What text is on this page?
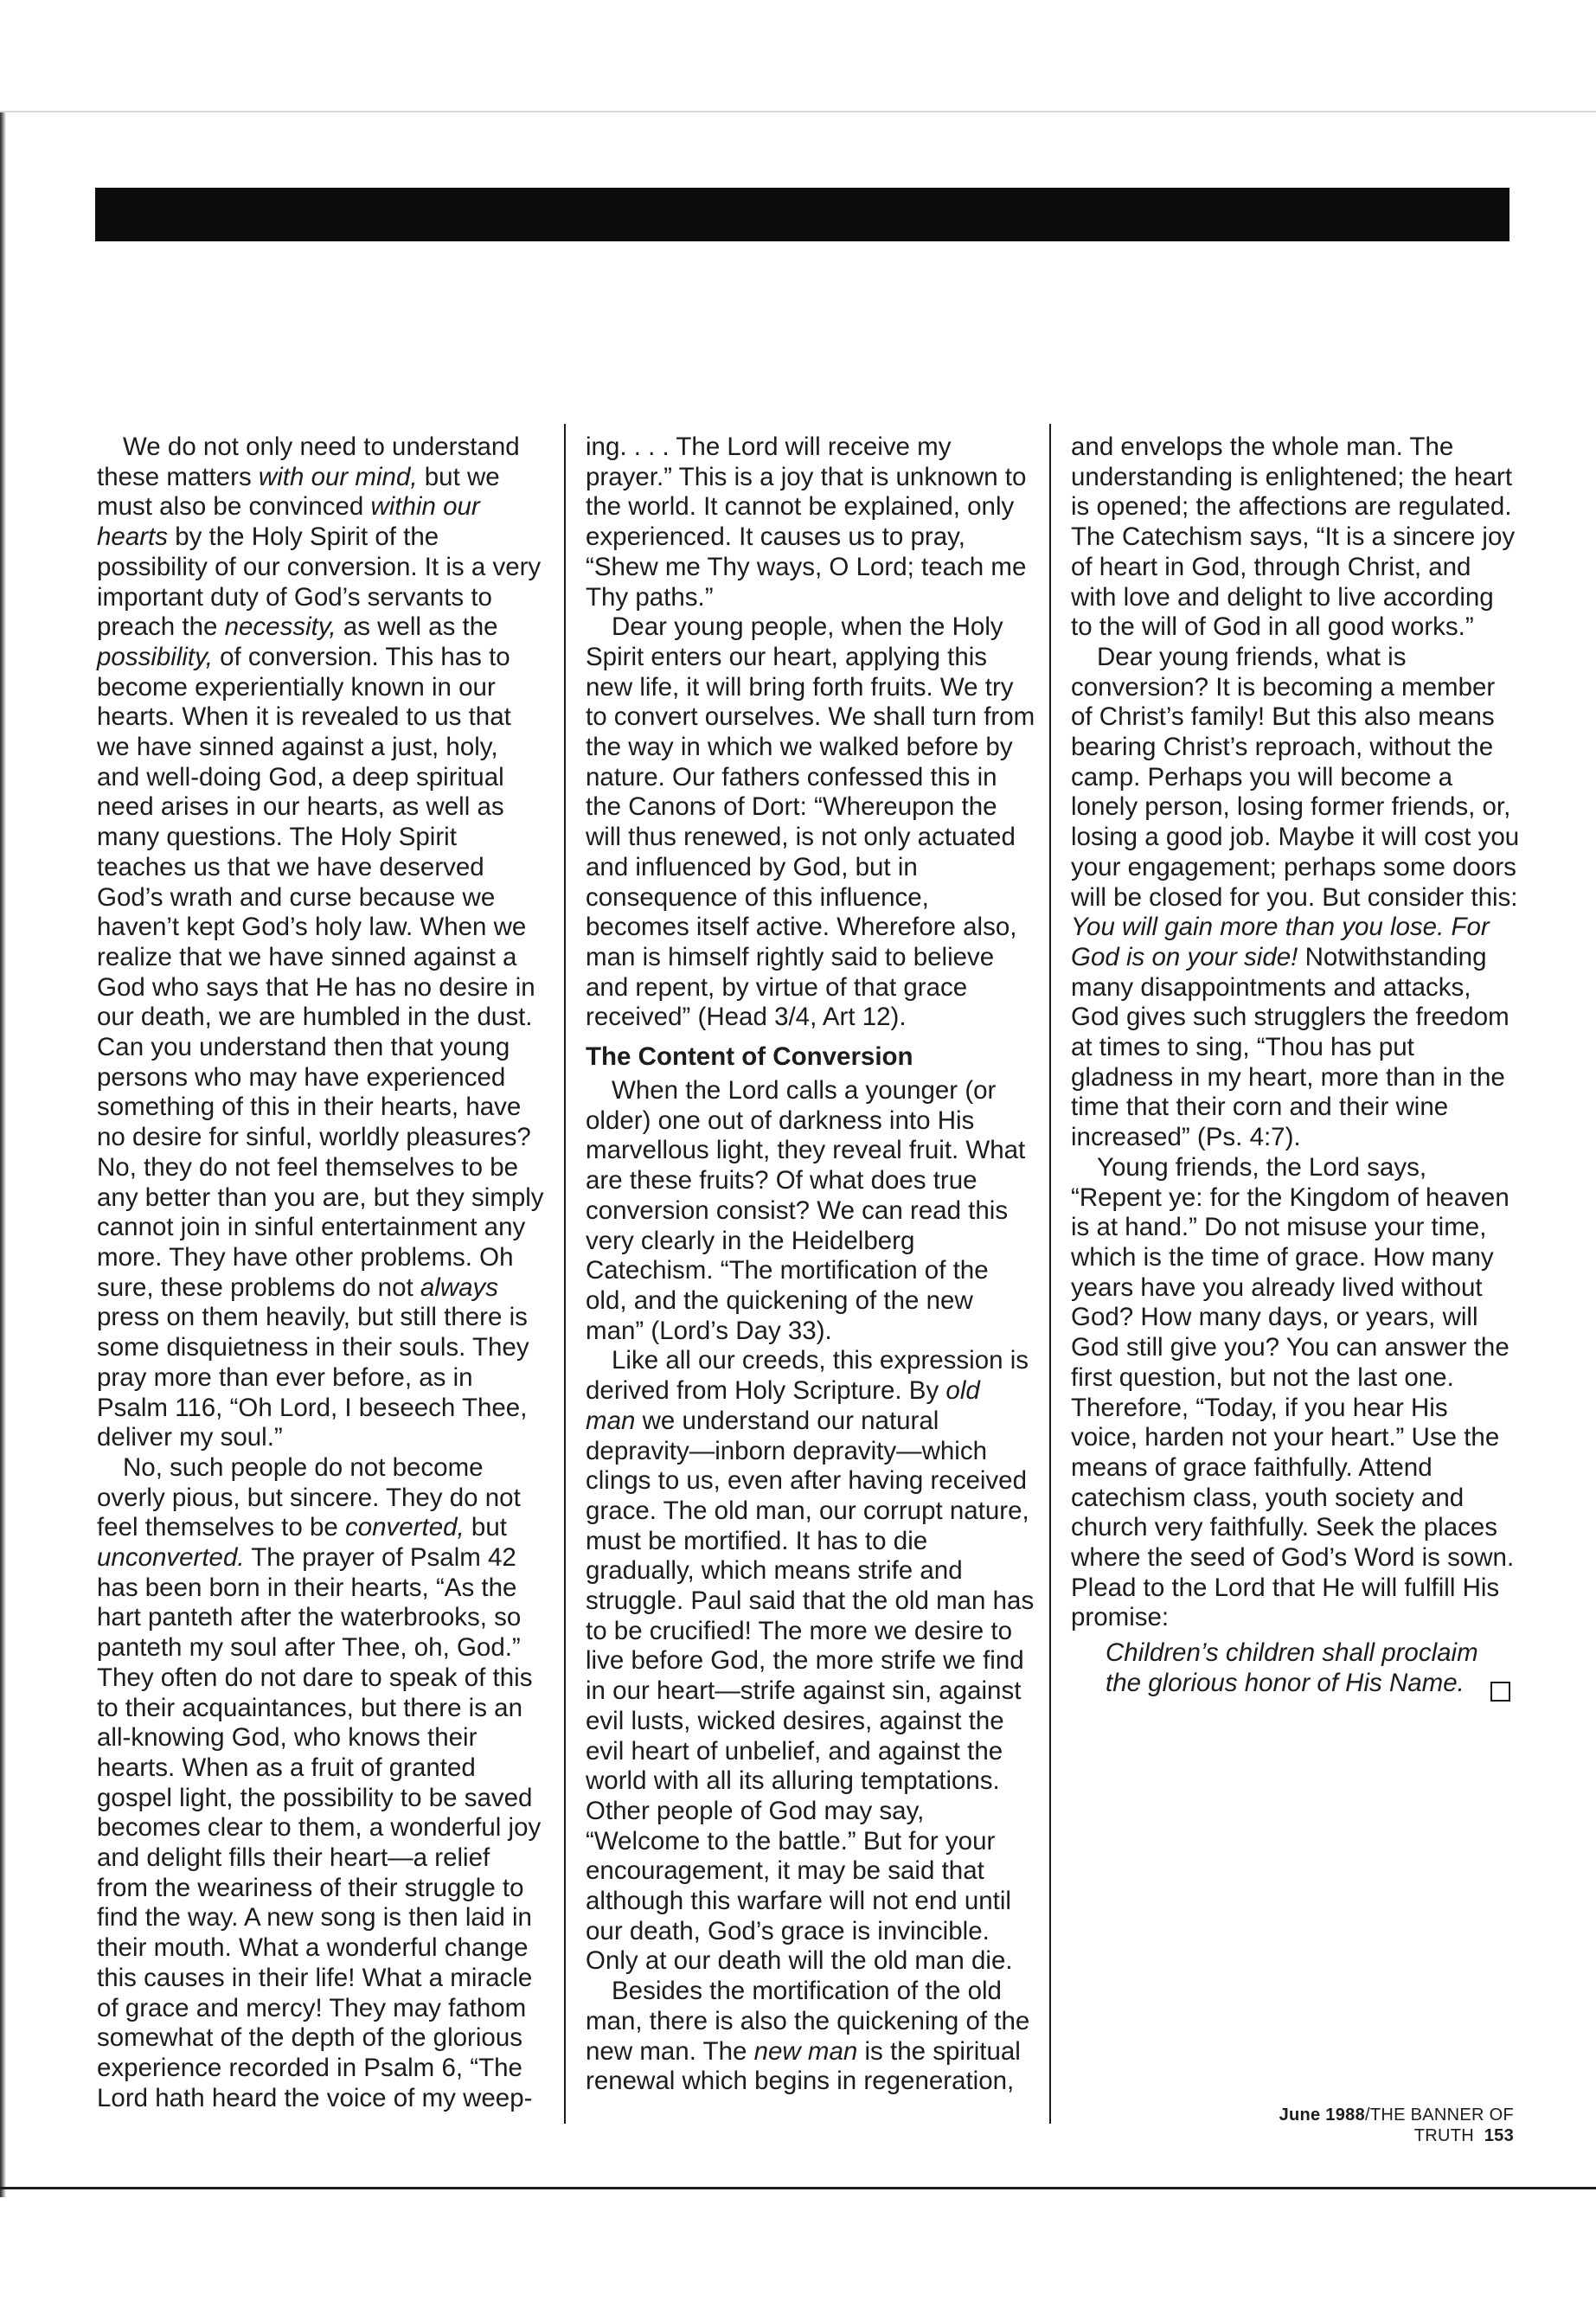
We do not only need to understand these matters with our mind, but we must also be convinced within our hearts by the Holy Spirit of the possibility of our conversion. It is a very important duty of God’s servants to preach the necessity, as well as the possibility, of conversion. This has to become experientially known in our hearts. When it is revealed to us that we have sinned against a just, holy, and well-doing God, a deep spiritual need arises in our hearts, as well as many questions. The Holy Spirit teaches us that we have deserved God’s wrath and curse because we haven’t kept God’s holy law. When we realize that we have sinned against a God who says that He has no desire in our death, we are humbled in the dust. Can you understand then that young persons who may have experienced something of this in their hearts, have no desire for sinful, worldly pleasures? No, they do not feel themselves to be any better than you are, but they simply cannot join in sinful entertainment any more. They have other problems. Oh sure, these problems do not always press on them heavily, but still there is some disquietness in their souls. They pray more than ever before, as in Psalm 116, “Oh Lord, I beseech Thee, deliver my soul.”

No, such people do not become overly pious, but sincere. They do not feel themselves to be converted, but unconverted. The prayer of Psalm 42 has been born in their hearts, “As the hart panteth after the waterbrooks, so panteth my soul after Thee, oh, God.” They often do not dare to speak of this to their acquaintances, but there is an all-knowing God, who knows their hearts. When as a fruit of granted gospel light, the possibility to be saved becomes clear to them, a wonderful joy and delight fills their heart—a relief from the weariness of their struggle to find the way. A new song is then laid in their mouth. What a wonderful change this causes in their life! What a miracle of grace and mercy! They may fathom somewhat of the depth of the glorious experience recorded in Psalm 6, “The Lord hath heard the voice of my weep-

ing. . . . The Lord will receive my prayer.” This is a joy that is unknown to the world. It cannot be explained, only experienced. It causes us to pray, “Shew me Thy ways, O Lord; teach me Thy paths.”

Dear young people, when the Holy Spirit enters our heart, applying this new life, it will bring forth fruits. We try to convert ourselves. We shall turn from the way in which we walked before by nature. Our fathers confessed this in the Canons of Dort: “Whereupon the will thus renewed, is not only actuated and influenced by God, but in consequence of this influence, becomes itself active. Wherefore also, man is himself rightly said to believe and repent, by virtue of that grace received” (Head 3/4, Art 12).

The Content of Conversion

When the Lord calls a younger (or older) one out of darkness into His marvellous light, they reveal fruit. What are these fruits? Of what does true conversion consist? We can read this very clearly in the Heidelberg Catechism. “The mortification of the old, and the quickening of the new man” (Lord’s Day 33).

Like all our creeds, this expression is derived from Holy Scripture. By old man we understand our natural depravity—inborn depravity—which clings to us, even after having received grace. The old man, our corrupt nature, must be mortified. It has to die gradually, which means strife and struggle. Paul said that the old man has to be crucified! The more we desire to live before God, the more strife we find in our heart—strife against sin, against evil lusts, wicked desires, against the evil heart of unbelief, and against the world with all its alluring temptations. Other people of God may say, “Welcome to the battle.” But for your encouragement, it may be said that although this warfare will not end until our death, God’s grace is invincible. Only at our death will the old man die.

Besides the mortification of the old man, there is also the quickening of the new man. The new man is the spiritual renewal which begins in regeneration,

and envelops the whole man. The understanding is enlightened; the heart is opened; the affections are regulated. The Catechism says, “It is a sincere joy of heart in God, through Christ, and with love and delight to live according to the will of God in all good works.”

Dear young friends, what is conversion? It is becoming a member of Christ’s family! But this also means bearing Christ’s reproach, without the camp. Perhaps you will become a lonely person, losing former friends, or, losing a good job. Maybe it will cost you your engagement; perhaps some doors will be closed for you. But consider this: You will gain more than you lose. For God is on your side! Notwithstanding many disappointments and attacks, God gives such strugglers the freedom at times to sing, “Thou has put gladness in my heart, more than in the time that their corn and their wine increased” (Ps. 4:7).

Young friends, the Lord says, “Repent ye: for the Kingdom of heaven is at hand.” Do not misuse your time, which is the time of grace. How many years have you already lived without God? How many days, or years, will God still give you? You can answer the first question, but not the last one. Therefore, “Today, if you hear His voice, harden not your heart.” Use the means of grace faithfully. Attend catechism class, youth society and church very faithfully. Seek the places where the seed of God’s Word is sown. Plead to the Lord that He will fulfill His promise:

Children’s children shall proclaim
the glorious honor of His Name.
June 1988/THE BANNER OF TRUTH 153
